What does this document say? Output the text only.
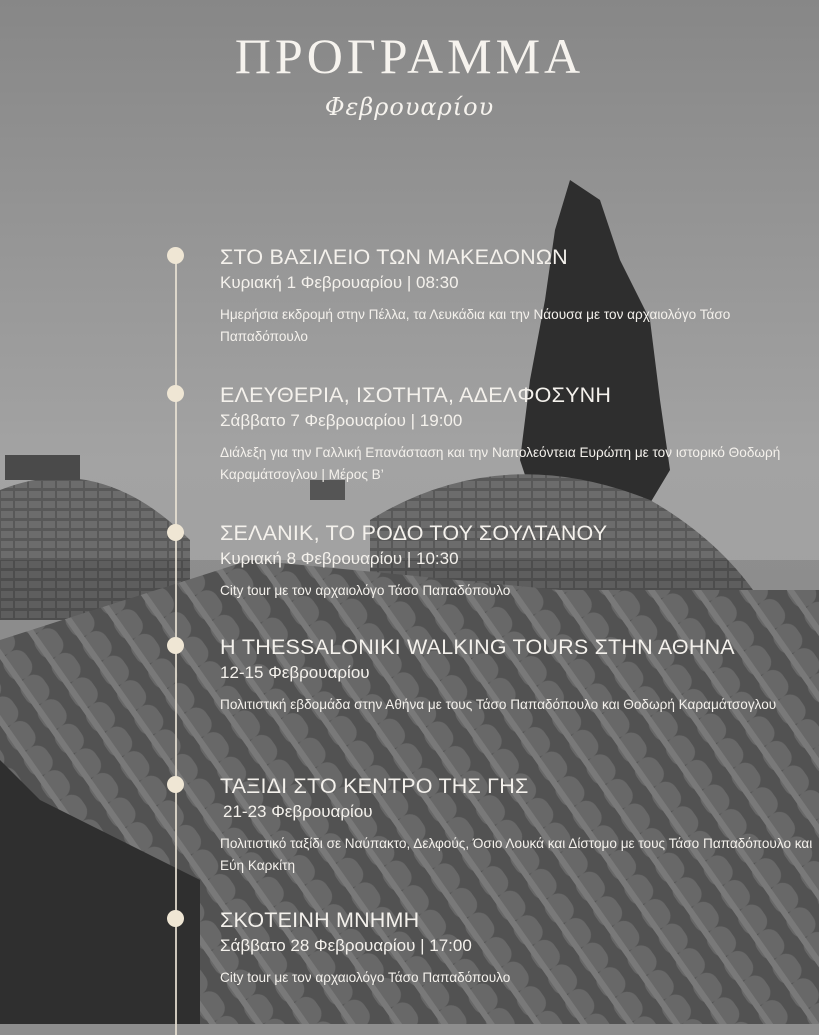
ΠΡΟΓΡΑΜΜΑ
Φεβρουαρίου
ΣΤΟ ΒΑΣΙΛΕΙΟ ΤΩΝ ΜΑΚΕΔΟΝΩΝ
Κυριακή 1 Φεβρουαρίου | 08:30
Ημερήσια εκδρομή στην Πέλλα, τα Λευκάδια και την Νάουσα με τον αρχαιολόγο Τάσο Παπαδόπουλο
ΕΛΕΥΘΕΡΙΑ, ΙΣΟΤΗΤΑ, ΑΔΕΛΦΟΣΥΝΗ
Σάββατο 7 Φεβρουαρίου | 19:00
Διάλεξη για την Γαλλική Επανάσταση και την Ναπολεόντεια Ευρώπη με τον ιστορικό Θοδωρή Καραμάτσογλου | Μέρος Β’
ΣΕΛΑΝΙΚ, ΤΟ ΡΟΔΟ ΤΟΥ ΣΟΥΛΤΑΝΟΥ
Κυριακή 8 Φεβρουαρίου | 10:30
City tour με τον αρχαιολόγο Τάσο Παπαδόπουλο
Η THESSALONIKI WALKING TOURS ΣΤΗΝ ΑΘΗΝΑ
12-15 Φεβρουαρίου
Πολιτιστική εβδομάδα στην Αθήνα με τους Τάσο Παπαδόπουλο και Θοδωρή Καραμάτσογλου
ΤΑΞΙΔΙ ΣΤΟ ΚΕΝΤΡΟ ΤΗΣ ΓΗΣ
21-23 Φεβρουαρίου
Πολιτιστικό ταξίδι σε Ναύπακτο, Δελφούς, Όσιο Λουκά και Δίστομο με τους Τάσο Παπαδόπουλο και Εύη Καρκίτη
ΣΚΟΤΕΙΝΗ ΜΝΗΜΗ
Σάββατο 28 Φεβρουαρίου | 17:00
City tour με τον αρχαιολόγο Τάσο Παπαδόπουλο
